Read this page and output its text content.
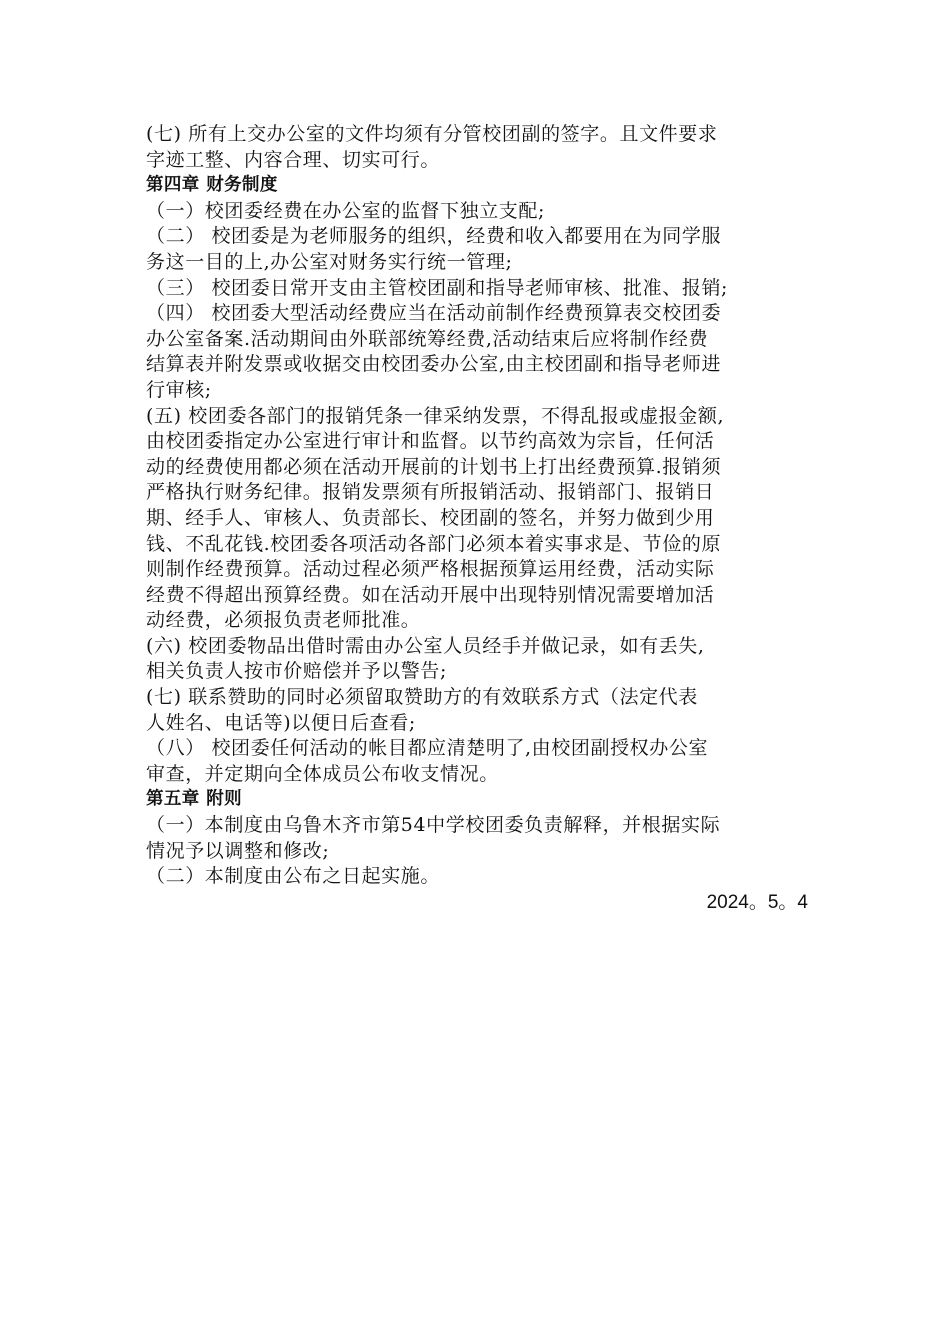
(七) 所有上交办公室的文件均须有分管校团副的签字。且文件要求
字迹工整、内容合理、切实可行。
第四章 财务制度
（一）校团委经费在办公室的监督下独立支配;
（二） 校团委是为老师服务的组织，经费和收入都要用在为同学服
务这一目的上,办公室对财务实行统一管理;
（三） 校团委日常开支由主管校团副和指导老师审核、批准、报销;
（四） 校团委大型活动经费应当在活动前制作经费预算表交校团委
办公室备案.活动期间由外联部统筹经费,活动结束后应将制作经费
结算表并附发票或收据交由校团委办公室,由主校团副和指导老师进
行审核;
(五) 校团委各部门的报销凭条一律采纳发票，不得乱报或虚报金额,
由校团委指定办公室进行审计和监督。以节约高效为宗旨，任何活
动的经费使用都必须在活动开展前的计划书上打出经费预算.报销须
严格执行财务纪律。报销发票须有所报销活动、报销部门、报销日
期、经手人、审核人、负责部长、校团副的签名，并努力做到少用
钱、不乱花钱.校团委各项活动各部门必须本着实事求是、节俭的原
则制作经费预算。活动过程必须严格根据预算运用经费，活动实际
经费不得超出预算经费。如在活动开展中出现特别情况需要增加活
动经费，必须报负责老师批准。
(六) 校团委物品出借时需由办公室人员经手并做记录，如有丢失,
相关负责人按市价赔偿并予以警告;
(七) 联系赞助的同时必须留取赞助方的有效联系方式（法定代表
人姓名、电话等)以便日后查看;
（八） 校团委任何活动的帐目都应清楚明了,由校团副授权办公室
审查，并定期向全体成员公布收支情况。
第五章 附则
（一）本制度由乌鲁木齐市第54中学校团委负责解释，并根据实际
情况予以调整和修改;
（二）本制度由公布之日起实施。
2024。5。4
